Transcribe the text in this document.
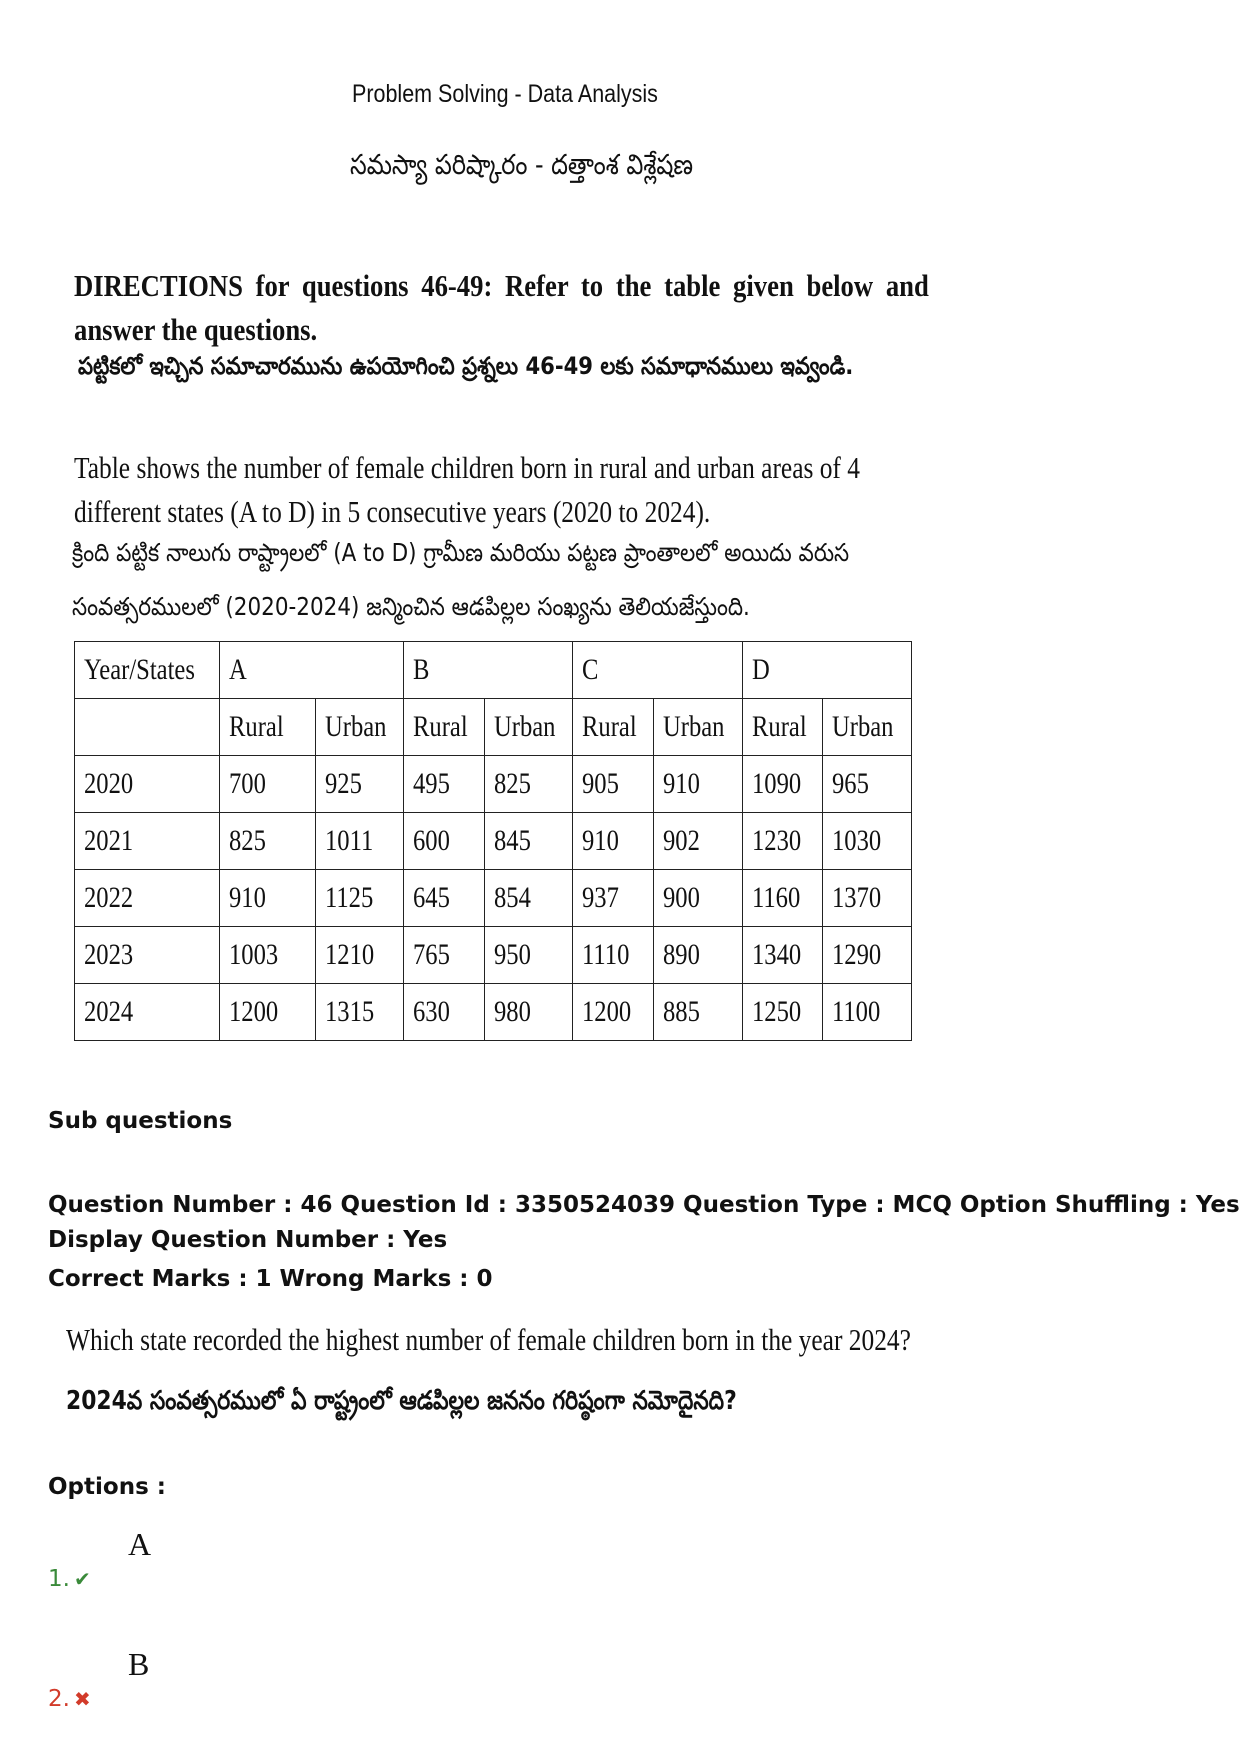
Problem Solving - Data Analysis
సమస్యా పరిష్కారం - దత్తాంశ విశ్లేషణ
DIRECTIONS for questions 46-49: Refer to the table given below and answer the questions.
పట్టికలో ఇచ్చిన సమాచారమును ఉపయోగించి ప్రశ్నలు 46-49 లకు సమాధానములు ఇవ్వండి.
Table shows the number of female children born in rural and urban areas of 4 different states (A to D) in 5 consecutive years (2020 to 2024).
క్రింది పట్టిక నాలుగు రాష్ట్రాలలో (A to D) గ్రామీణ మరియు పట్టణ ప్రాంతాలలో అయిదు వరుస
సంవత్సరములలో (2020-2024) జన్మించిన ఆడపిల్లల సంఖ్యను తెలియజేస్తుంది.
Year/States	A		B		C		D	
	Rural	Urban	Rural	Urban	Rural	Urban	Rural	Urban
2020	700	925	495	825	905	910	1090	965
2021	825	1011	600	845	910	902	1230	1030
2022	910	1125	645	854	937	900	1160	1370
2023	1003	1210	765	950	1110	890	1340	1290
2024	1200	1315	630	980	1200	885	1250	1100
Sub questions
Question Number : 46 Question Id : 3350524039 Question Type : MCQ Option Shuffling : Yes
Display Question Number : Yes
Correct Marks : 1 Wrong Marks : 0
Which state recorded the highest number of female children born in the year 2024?
2024వ సంవత్సరములో ఏ రాష్ట్రంలో ఆడపిల్లల జననం గరిష్ఠంగా నమోదైనది?
Options :
1. ✔
A
2. ✖
B
